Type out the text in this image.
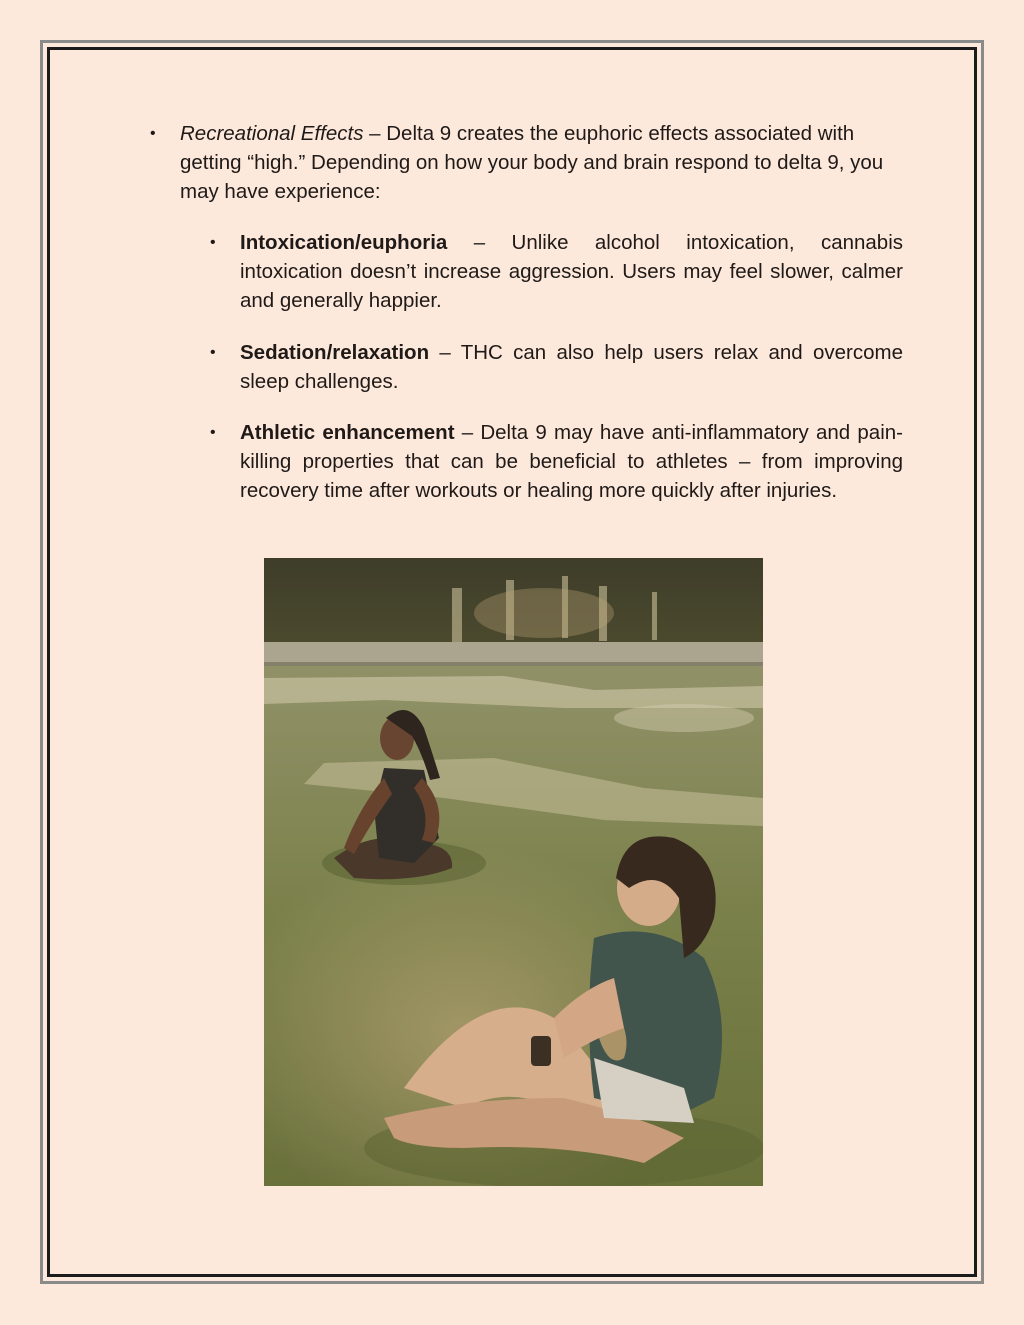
•	Recreational Effects – Delta 9 creates the euphoric effects associated with getting “high.” Depending on how your body and brain respond to delta 9, you may have experience:
•	Intoxication/euphoria – Unlike alcohol intoxication, cannabis intoxication doesn’t increase aggression. Users may feel slower, calmer and generally happier.
•	Sedation/relaxation – THC can also help users relax and overcome sleep challenges.
•	Athletic enhancement – Delta 9 may have anti-inflammatory and pain-killing properties that can be beneficial to athletes – from improving recovery time after workouts or healing more quickly after injuries.
